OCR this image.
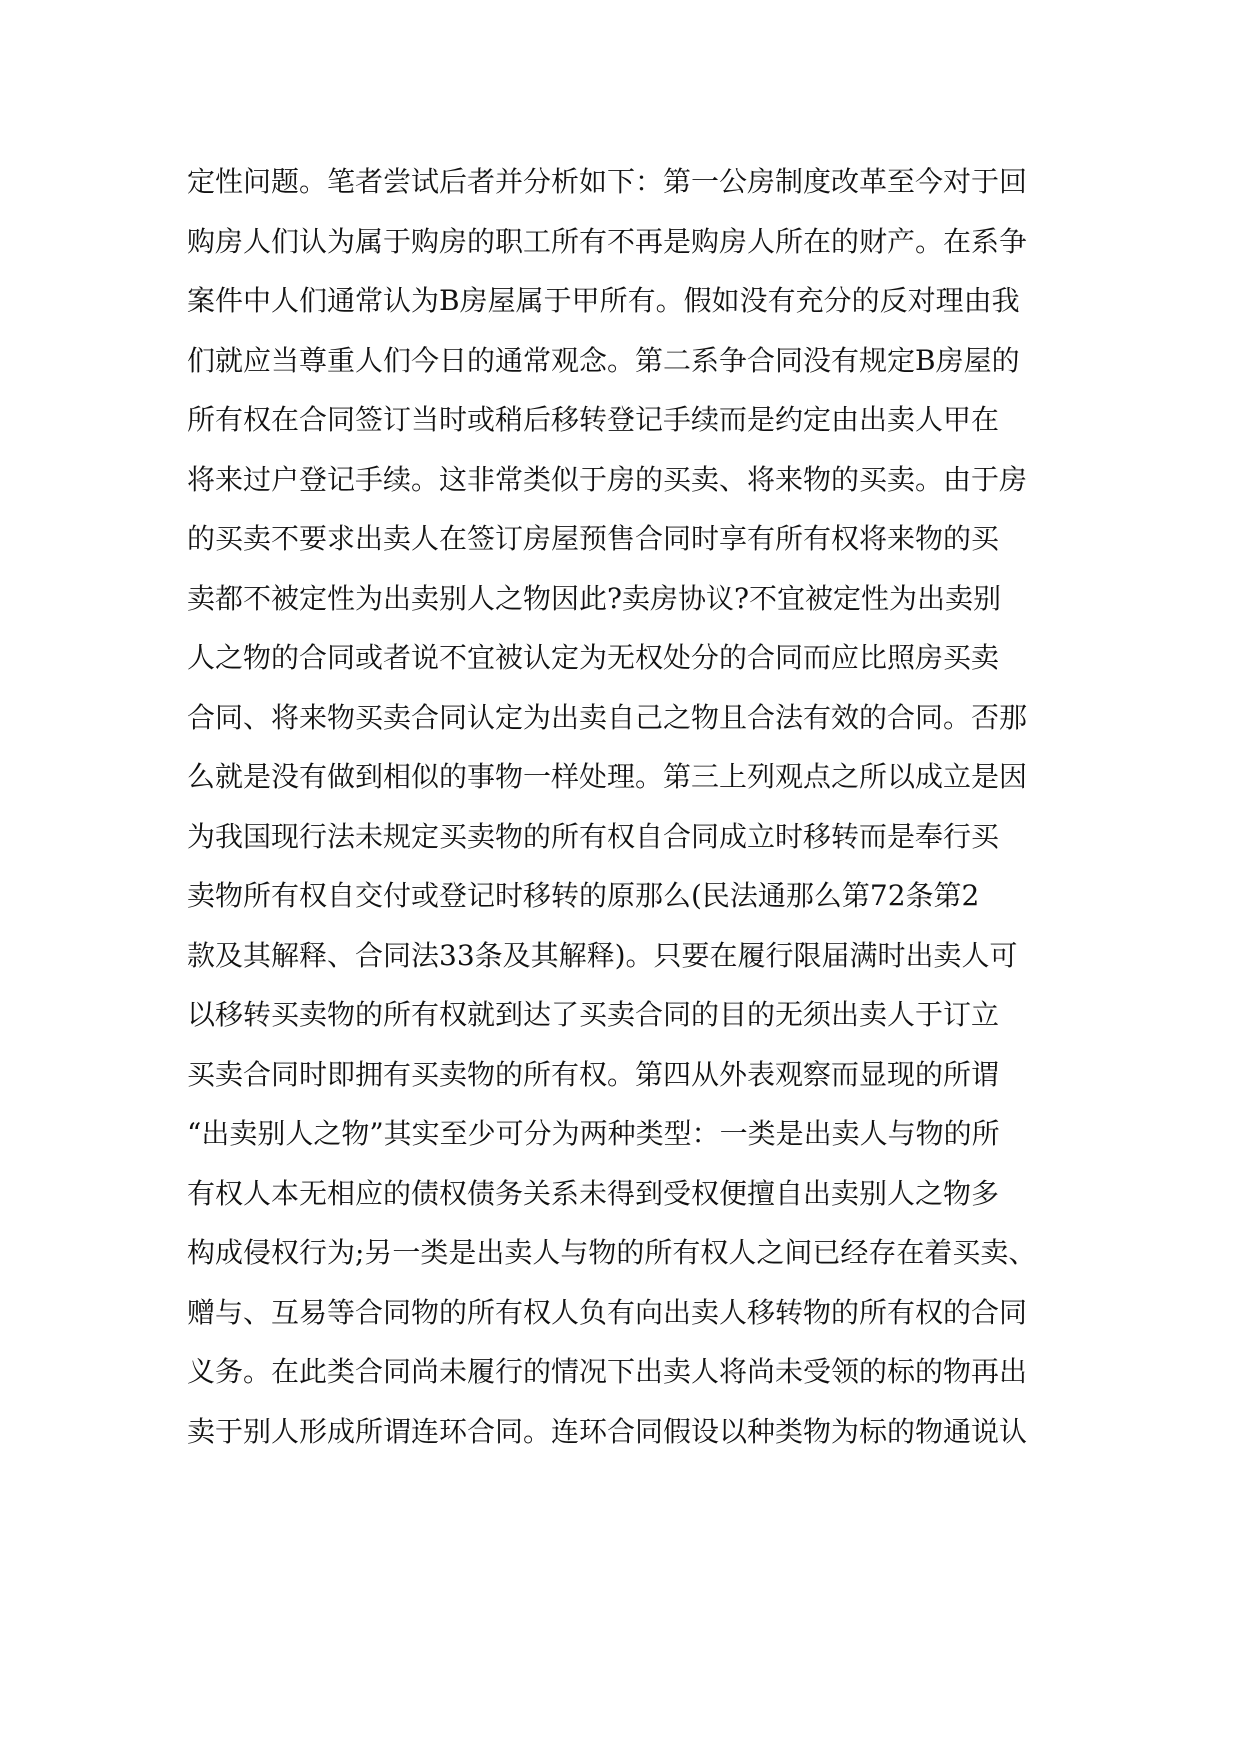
定性问题。笔者尝试后者并分析如下：第一公房制度改革至今对于回
购房人们认为属于购房的职工所有不再是购房人所在的财产。在系争
案件中人们通常认为B房屋属于甲所有。假如没有充分的反对理由我
们就应当尊重人们今日的通常观念。第二系争合同没有规定B房屋的
所有权在合同签订当时或稍后移转登记手续而是约定由出卖人甲在
将来过户登记手续。这非常类似于房的买卖、将来物的买卖。由于房
的买卖不要求出卖人在签订房屋预售合同时享有所有权将来物的买
卖都不被定性为出卖别人之物因此?卖房协议?不宜被定性为出卖别
人之物的合同或者说不宜被认定为无权处分的合同而应比照房买卖
合同、将来物买卖合同认定为出卖自己之物且合法有效的合同。否那
么就是没有做到相似的事物一样处理。第三上列观点之所以成立是因
为我国现行法未规定买卖物的所有权自合同成立时移转而是奉行买
卖物所有权自交付或登记时移转的原那么(民法通那么第72条第2
款及其解释、合同法33条及其解释)。只要在履行限届满时出卖人可
以移转买卖物的所有权就到达了买卖合同的目的无须出卖人于订立
买卖合同时即拥有买卖物的所有权。第四从外表观察而显现的所谓
“出卖别人之物”其实至少可分为两种类型：一类是出卖人与物的所
有权人本无相应的债权债务关系未得到受权便擅自出卖别人之物多
构成侵权行为;另一类是出卖人与物的所有权人之间已经存在着买卖、
赠与、互易等合同物的所有权人负有向出卖人移转物的所有权的合同
义务。在此类合同尚未履行的情况下出卖人将尚未受领的标的物再出
卖于别人形成所谓连环合同。连环合同假设以种类物为标的物通说认
